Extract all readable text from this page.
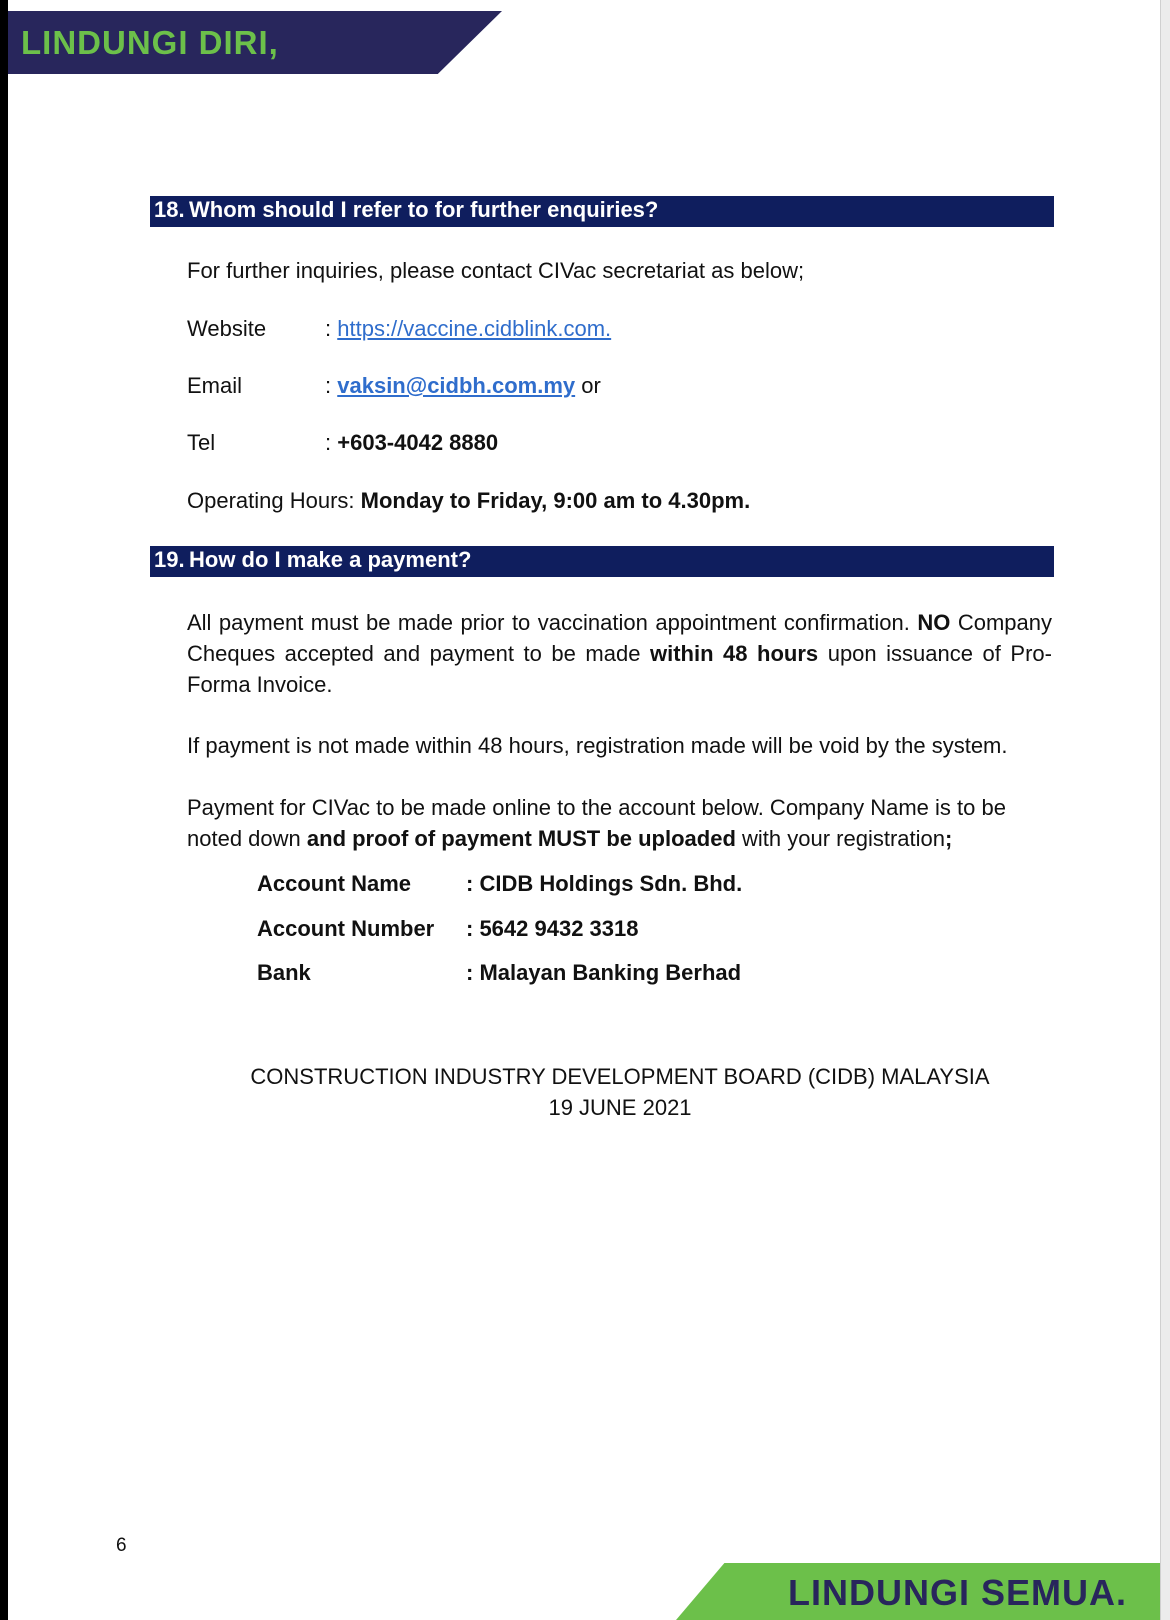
LINDUNGI DIRI,
18. Whom should I refer to for further enquiries?
For further inquiries, please contact CIVac secretariat as below;
Website	: https://vaccine.cidblink.com.
Email	: vaksin@cidbh.com.my or
Tel	: +603-4042 8880
Operating Hours: Monday to Friday, 9:00 am to 4.30pm.
19. How do I make a payment?
All payment must be made prior to vaccination appointment confirmation. NO Company Cheques accepted and payment to be made within 48 hours upon issuance of Pro-Forma Invoice.
If payment is not made within 48 hours, registration made will be void by the system.
Payment for CIVac to be made online to the account below. Company Name is to be noted down and proof of payment MUST be uploaded with your registration;
Account Name : CIDB Holdings Sdn. Bhd.
Account Number : 5642 9432 3318
Bank	: Malayan Banking Berhad
CONSTRUCTION INDUSTRY DEVELOPMENT BOARD (CIDB) MALAYSIA
19 JUNE 2021
6
LINDUNGI SEMUA.
